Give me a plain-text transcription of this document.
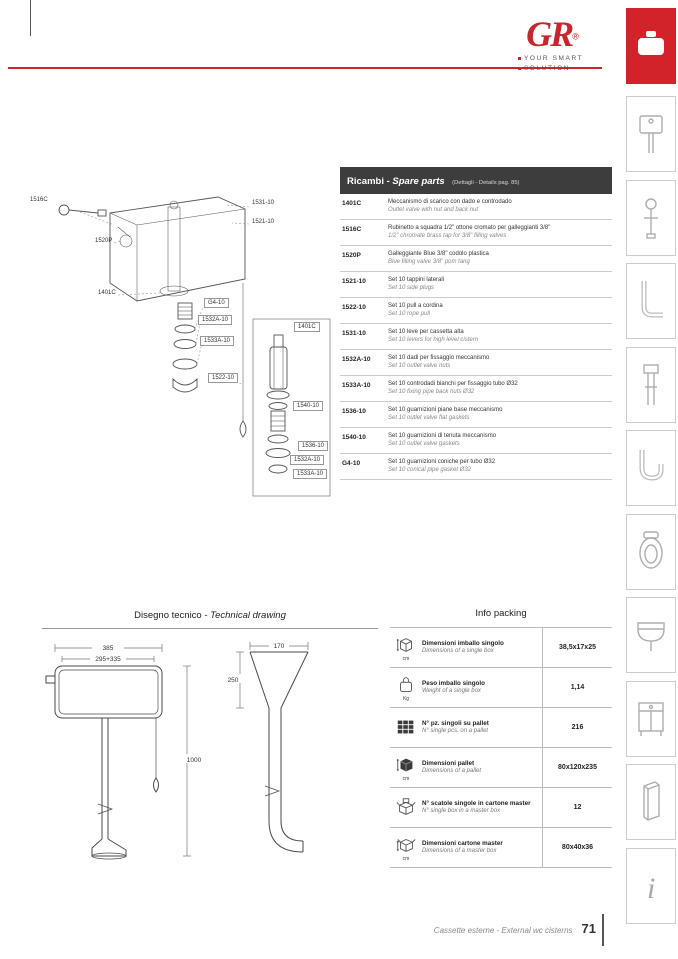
GR®
YOUR SMART
SOLUTION
i
Ricambi - Spare parts (Dettagli - Details pag. 85)
1401C	Meccanismo di scarico con dado e controdado
Outlet valve with nut and back nut
1516C	Rubinetto a squadra 1/2" ottone cromato per galleggianti 3/8"
1/2" chromate brass tap for 3/8" filling valves
1520P	Galleggiante Blue 3/8" codolo plastica
Blue filling valve 3/8" pom tang
1521-10	Set 10 tappini laterali
Set 10 side plugs
1522-10	Set 10 pull a cordina
Set 10 rope pull
1531-10	Set 10 leve per cassetta alta
Set 10 levers for high level cistern
1532A-10	Set 10 dadi per fissaggio meccanismo
Set 10 outlet valve nuts
1533A-10	Set 10 controdadi bianchi per fissaggio tubo Ø32
Set 10 fixing pipe back nuts Ø32
1536-10	Set 10 guarnizioni piane base meccanismo
Set 10 outlet valve flat gaskets
1540-10	Set 10 guarnizioni di tenuta meccanismo
Set 10 outlet valve gaskets
G4-10	Set 10 guarnizioni coniche per tubo Ø32
Set 10 conical pipe gasket Ø32
1516C	1531-10
1521-10
1520P
1401C
G4-10
1532A-10
1533A-10
1522-10
1401C
1540-10
1536-10
1532A-10
1533A-10
Disegno tecnico - Technical drawing
385
295+335
1000
170
250
Info packing
cm
Dimensioni imballo singolo
Dimensions of a single box	38,5x17x25
Kg
Peso imballo singolo
Weight of a single box	1,14
N° pz. singoli su pallet
N° single pcs. on a pallet	216
cm
Dimensioni pallet
Dimensions of a pallet	80x120x235
N° scatole singole in cartone master
N° single box in a master box	12
cm
Dimensioni cartone master
Dimensions of a master box	80x40x36
Cassette esterne - External wc cisterns 71
